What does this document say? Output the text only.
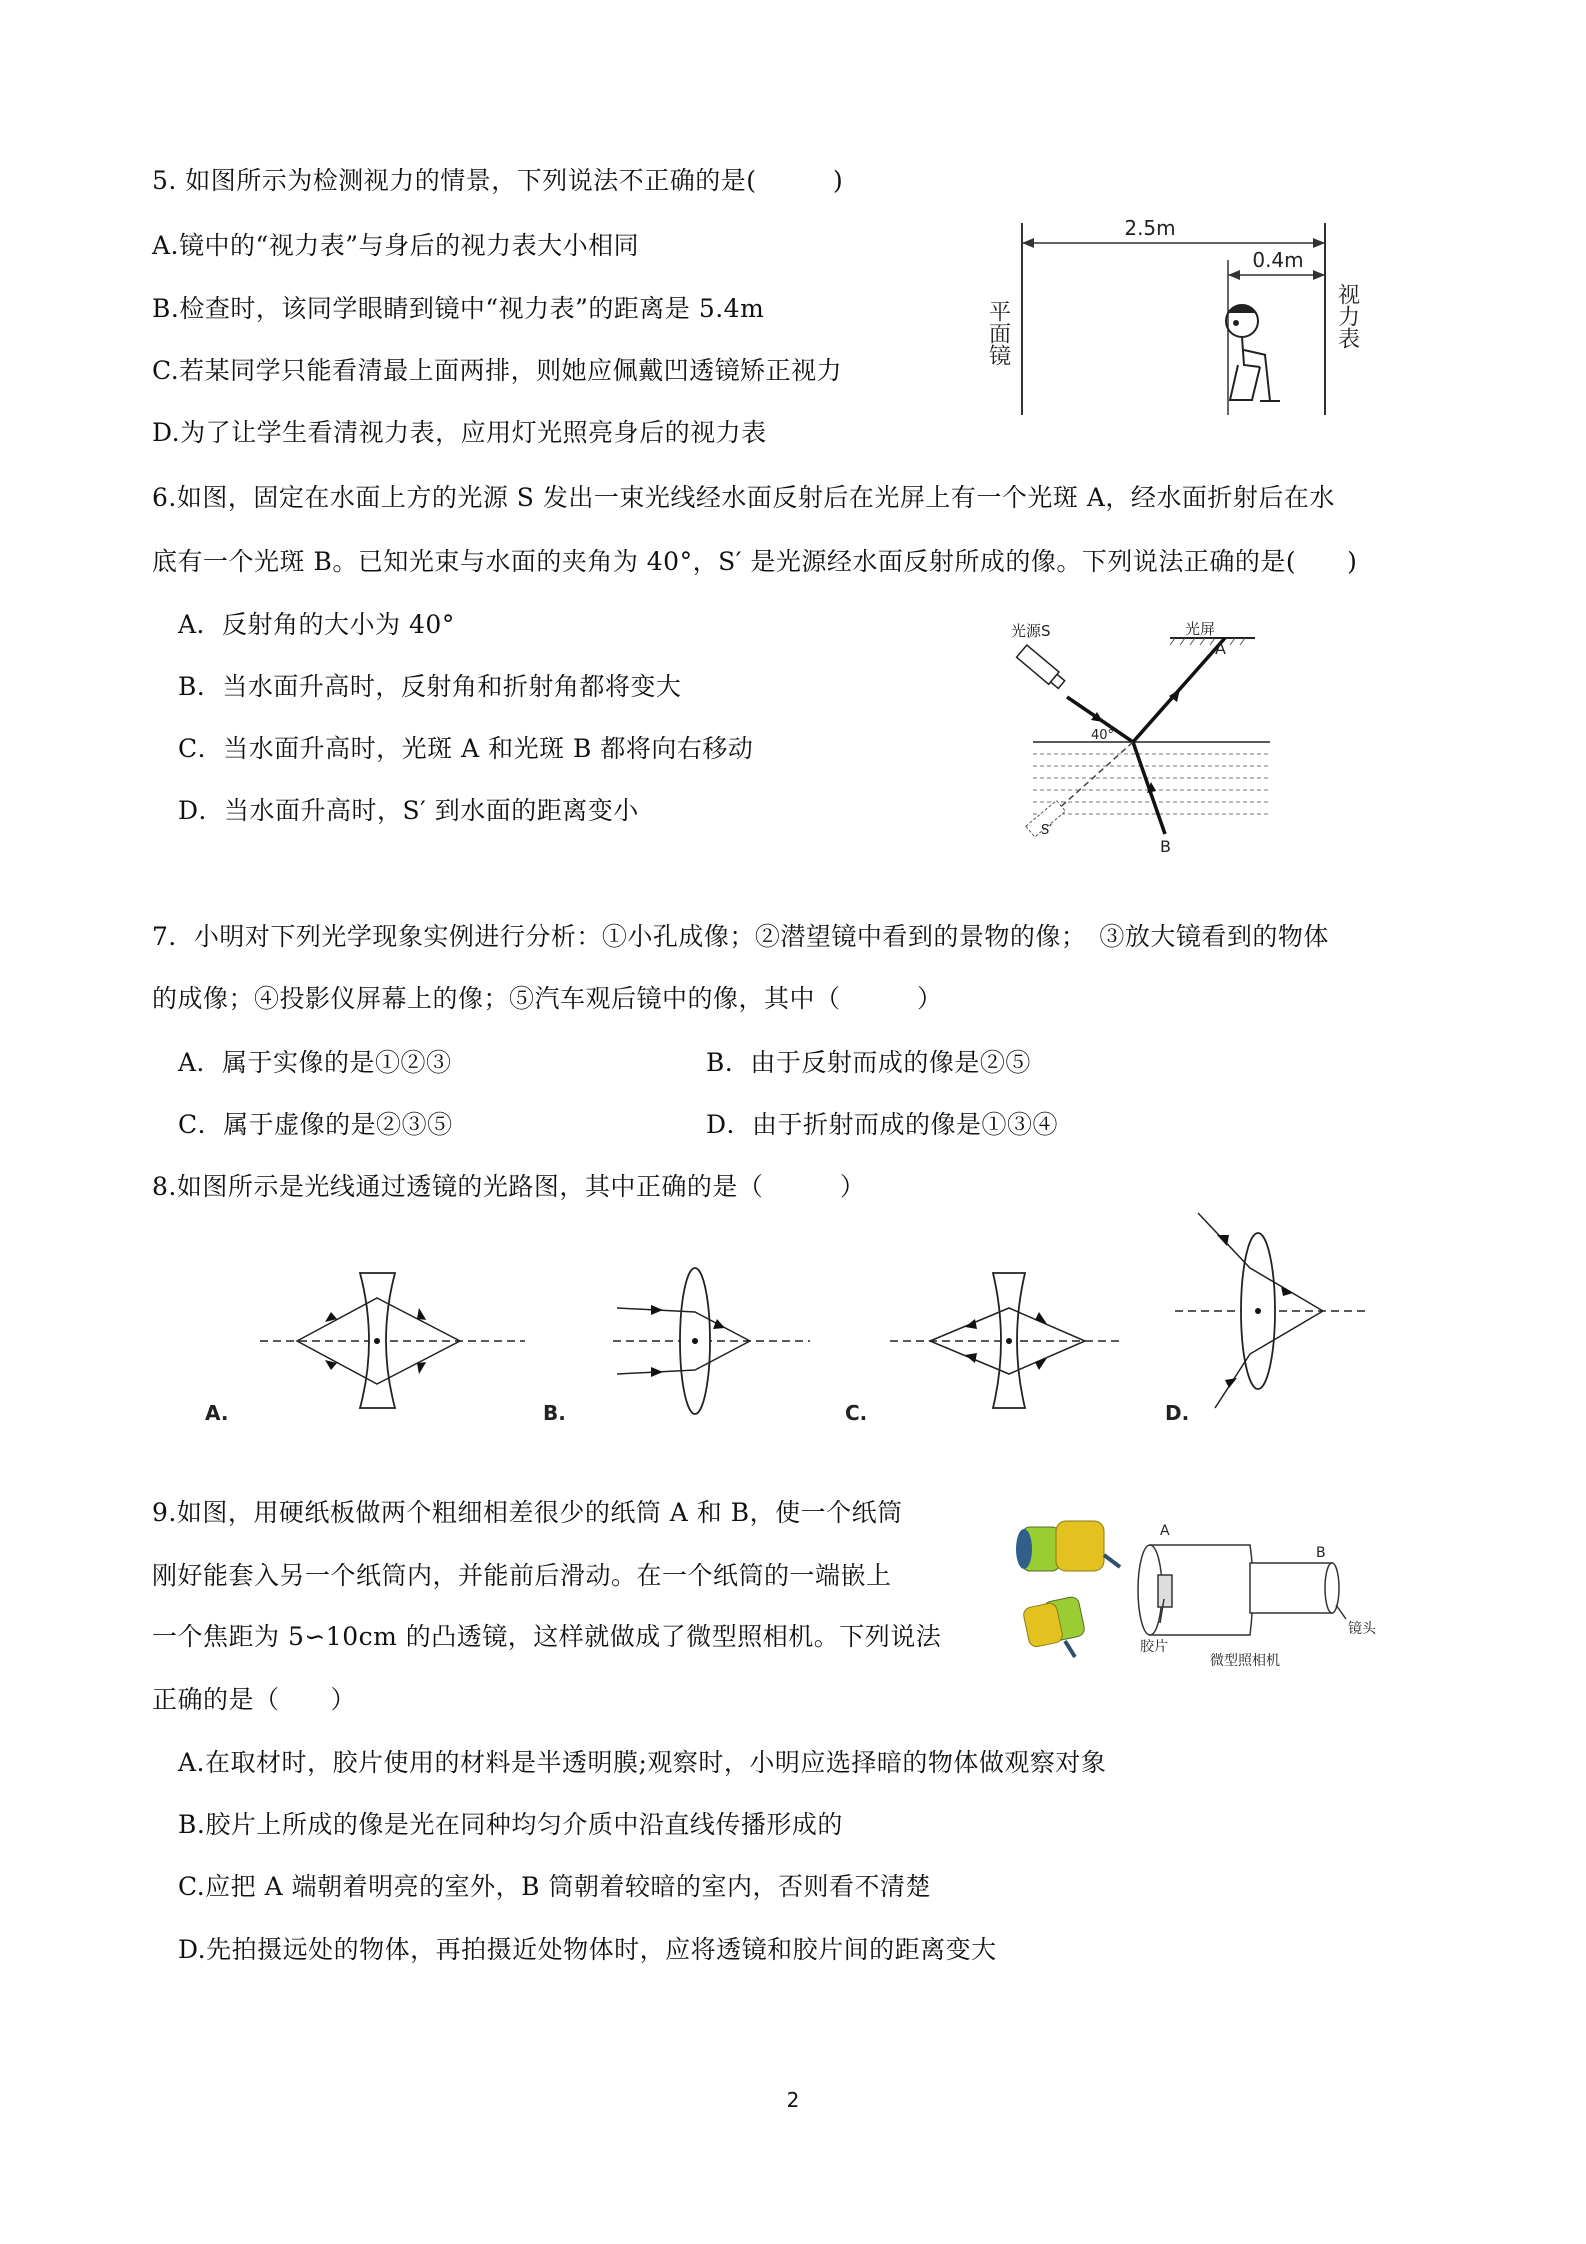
5. 如图所示为检测视力的情景，下列说法不正确的是(　　　)
A.镜中的“视力表”与身后的视力表大小相同
B.检查时，该同学眼睛到镜中“视力表”的距离是 5.4m
C.若某同学只能看清最上面两排，则她应佩戴凹透镜矫正视力
D.为了让学生看清视力表，应用灯光照亮身后的视力表
2.5m
0.4m
平面镜	视力表
6.如图，固定在水面上方的光源 S 发出一束光线经水面反射后在光屏上有一个光斑 A，经水面折射后在水
底有一个光斑 B。已知光束与水面的夹角为 40°，S′ 是光源经水面反射所成的像。下列说法正确的是(　　)
A．反射角的大小为 40°
B．当水面升高时，反射角和折射角都将变大
C．当水面升高时，光斑 A 和光斑 B 都将向右移动
D．当水面升高时，S′ 到水面的距离变小
光屏
光源S
40°
A
B
S′
7．小明对下列光学现象实例进行分析：①小孔成像；②潜望镜中看到的景物的像；　③放大镜看到的物体
的成像；④投影仪屏幕上的像；⑤汽车观后镜中的像，其中（　　　）
A．属于实像的是①②③	B．由于反射而成的像是②⑤
C．属于虚像的是②③⑤	D．由于折射而成的像是①③④
8.如图所示是光线通过透镜的光路图，其中正确的是（　　　）
A.	B.	C.	D.
9.如图，用硬纸板做两个粗细相差很少的纸筒 A 和 B，使一个纸筒
刚好能套入另一个纸筒内，并能前后滑动。在一个纸筒的一端嵌上
一个焦距为 5∽10cm 的凸透镜，这样就做成了微型照相机。下列说法
正确的是（　　）
A.在取材时，胶片使用的材料是半透明膜;观察时，小明应选择暗的物体做观察对象
B.胶片上所成的像是光在同种均匀介质中沿直线传播形成的
C.应把 A 端朝着明亮的室外，B 筒朝着较暗的室内，否则看不清楚
D.先拍摄远处的物体，再拍摄近处物体时，应将透镜和胶片间的距离变大
A
B
胶片
镜头
微型照相机
2
